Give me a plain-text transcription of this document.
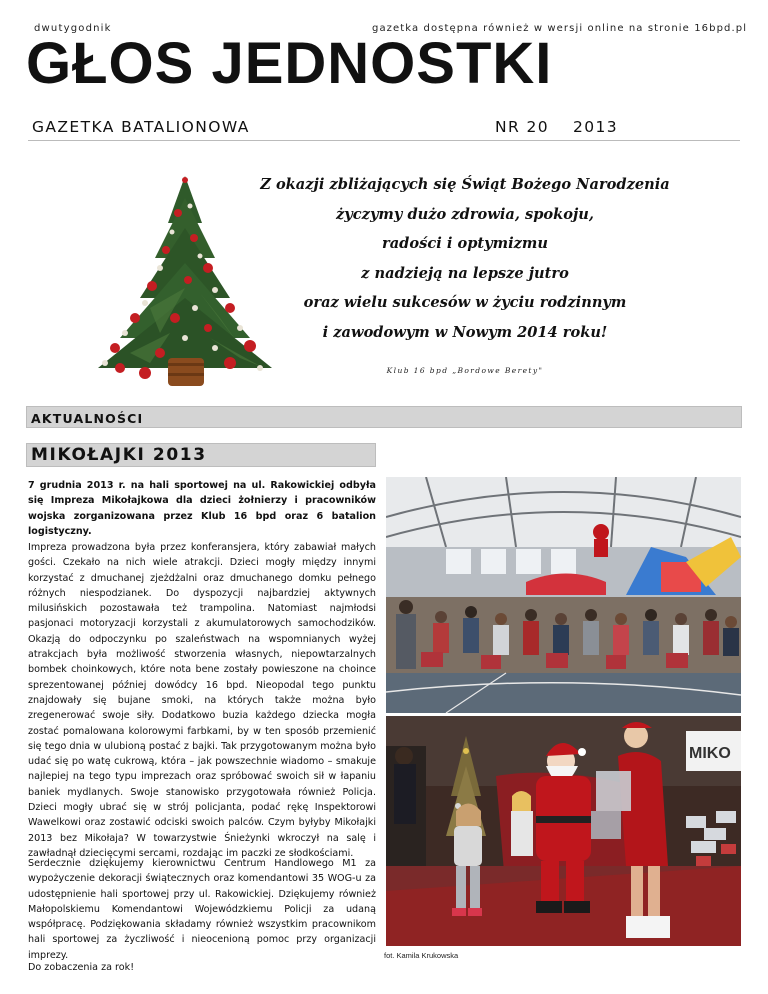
dwutygodnik	gazetka dostępna również w wersji online na stronie 16bpd.pl
GŁOS JEDNOSTKI
GAZETKA BATALIONOWA	NR 20 2013
Z okazji zbliżających się Świąt Bożego Narodzenia
życzymy dużo zdrowia, spokoju,
radości i optymizmu
z nadzieją na lepsze jutro
oraz wielu sukcesów w życiu rodzinnym
i zawodowym w Nowym 2014 roku!
Klub 16 bpd „Bordowe Berety"
AKTUALNOŚCI
MIKOŁAJKI 2013
7 grudnia 2013 r. na hali sportowej na ul. Rakowickiej odbyła się Impreza Mikołajkowa dla dzieci żołnierzy i pracowników wojska zorganizowana przez Klub 16 bpd oraz 6 batalion logistyczny.
Impreza prowadzona była przez konferansjera, który zabawiał małych gości. Czekało na nich wiele atrakcji. Dzieci mogły między innymi korzystać z dmuchanej zjeżdżalni oraz dmuchanego domku pełnego różnych niespodzianek. Do dyspozycji najbardziej aktywnych milusińskich pozostawała też trampolina. Natomiast najmłodsi pasjonaci motoryzacji korzystali z akumulatorowych samochodzików. Okazją do odpoczynku po szaleństwach na wspomnianych wyżej atrakcjach była możliwość stworzenia własnych, niepowtarzalnych bombek choinkowych, które nota bene zostały powieszone na choince sprezentowanej później dowódcy 16 bpd. Nieopodal tego punktu znajdowały się bujane smoki, na których także można było zregenerować swoje siły. Dodatkowo buzia każdego dziecka mogła zostać pomalowana kolorowymi farbkami, by w ten sposób przemienić się tego dnia w ulubioną postać z bajki. Tak przygotowanym można było udać się po watę cukrową, która – jak powszechnie wiadomo – smakuje najlepiej na tego typu imprezach oraz spróbować swoich sił w łapaniu baniek mydlanych. Swoje stanowisko przygotowała również Policja. Dzieci mogły ubrać się w strój policjanta, podać rękę Inspektorowi Wawelkowi oraz zostawić odciski swoich palców. Czym byłyby Mikołajki 2013 bez Mikołaja? W towarzystwie Śnieżynki wkroczył na salę i zawładnął dziecięcymi sercami, rozdając im paczki ze słodkościami.
Serdecznie dziękujemy kierownictwu Centrum Handlowego M1 za wypożyczenie dekoracji świątecznych oraz komendantowi 35 WOG-u za udostępnienie hali sportowej przy ul. Rakowickiej. Dziękujemy również Małopolskiemu Komendantowi Wojewódzkiemu Policji za udaną współpracę. Podziękowania składamy również wszystkim pracownikom hali sportowej za życzliwość i nieocenioną pomoc przy organizacji imprezy.
Do zobaczenia za rok!
MIKO
fot. Kamila Krukowska
